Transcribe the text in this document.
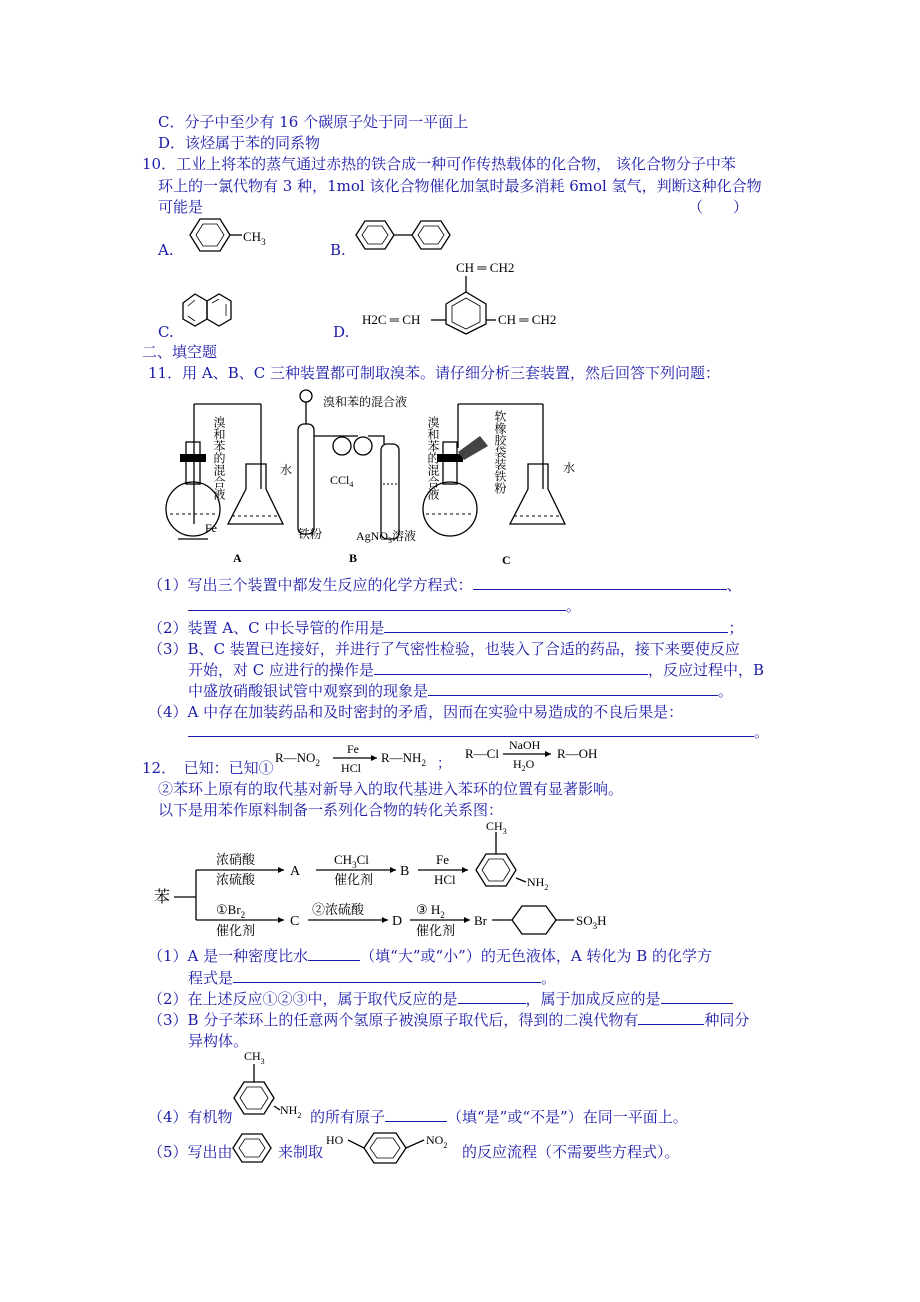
C．分子中至少有 16 个碳原子处于同一平面上
D．该烃属于苯的同系物
10．工业上将苯的蒸气通过赤热的铁合成一种可作传热载体的化合物， 该化合物分子中苯
环上的一氯代物有 3 种，1mol 该化合物催化加氢时最多消耗 6mol 氢气，判断这种化合物
可能是	（　　）
A.
$CH_3$	B.
C.	D.
CH ═ CH2
H2C ═ CH	CH ═ CH2
二、填空题
11．用 A、B、C 三种装置都可制取溴苯。请仔细分析三套装置，然后回答下列问题：
Fe
水
溴和苯的混合液
A
溴和苯的混合液
CCl$_4$
铁粉	AgNO$_3$溶液
B
水
溴和苯的混合液	软橡胶袋装铁粉
C
（1）写出三个装置中都发生反应的化学方程式：	、
。
（2）装置 A、C 中长导管的作用是	；
（3）B、C 装置已连接好，并进行了气密性检验，也装入了合适的药品，接下来要使反应
开始，对 C 应进行的操作是	，反应过程中，B
中盛放硝酸银试管中观察到的现象是	。
（4）A 中存在加装药品和及时密封的矛盾，因而在实验中易造成的不良后果是：
。
12．　已知：已知①
$R—NO_2$
Fe
HCl
$R—NH_2$ ；
R—Cl
NaOH
$H_2O$
R—OH
②苯环上原有的取代基对新导入的取代基进入苯环的位置有显著影响。
以下是用苯作原料制备一系列化合物的转化关系图：
苯
浓硝酸
浓硫酸
A
$CH_3Cl$
催化剂
B
Fe
HCl
$CH_3$
$NH_2$
$①Br_2$
催化剂
C
②浓硫酸
D
③ $H_2$
催化剂
Br	$SO_3H$
（1）A 是一种密度比水	（填“大”或“小”）的无色液体，A 转化为 B 的化学方
程式是	。
（2）在上述反应①②③中，属于取代反应的是	，属于加成反应的是
（3）B 分子苯环上的任意两个氢原子被溴原子取代后，得到的二溴代物有	种同分
异构体。
$CH_3$
$NH_2$
（4）有机物	的所有原子	（填“是”或“不是”）在同一平面上。
（5）写出由	来制取
HO	$NO_2$ 的反应流程（不需要些方程式）。
